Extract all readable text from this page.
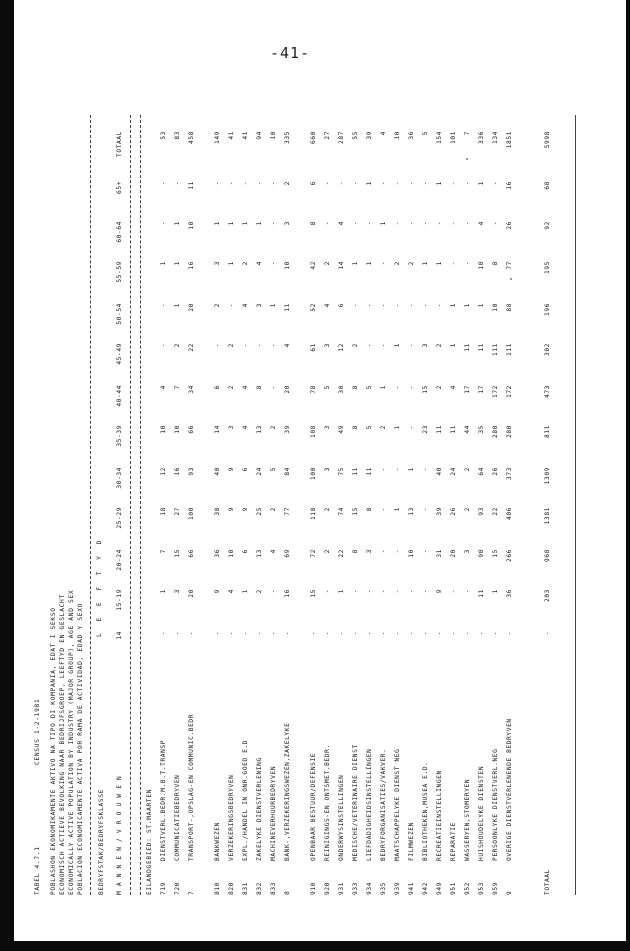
-41-
TABEL 4.7.1
CENSUS 1-2-1981 POBLASHON EKONOMIKAMENTE AKTIVO NA TIPO DI KOMPANIA, EDAT I SEKSO ECONOMISCH ACTIEVE BEVOLKING NAAR BEDRIJFSGROEP, LEEFTYD EN GESLACHT ECONOMICALLY ACTIVE POPULATION BY INDUSTRY (MAJOR GROUP), AGE AND SEX POBLACION ECONOMICAMENTE ACTIVA POR RAMA DE ACTIVIDAD, EDAD Y SEXO BEDRYFSTAK/BEDRYFSKLASSE
L E E F T Y D
M A N N E N / V R O U W E N
14
15-19
20-24
25-29
30-34
35-39
40-44
45-49
50-54
55-59
60-64
65+
TOTAAL
EILANDGEBIED: ST.MAARTEN 719
DIENSTVERL.BEDR.M.B.T.TRANSP
-
1
7
18
12
10
4
-
-
1
-
-
53
720
COMMUNICATIEBEDRYVEN
-
3
15
27
16
10
7
2
1
1
1
-
83
7
TRANSPORT-,OPSLAG-EN COMMUNIC.BEDR
-
20
66
100
93
66
34
22
20
16
10
11
458
810
BANKWEZEN
-
9
36
38
40
14
6
-
2
3
1
-
149
820
VERZEKERINGSBEDRYVEN
-
4
10
9
9
3
2
2
-
1
1
-
41
831
EXPL./HANDEL IN ONR.GOED E.D
-
1
6
9
6
4
4
-
4
2
1
-
41
832
ZAKELYKE DIENSTVERLENING
-
2
13
25
24
13
8
-
3
4
1
-
94
833
MACHINEVERHUURBEDRYVEN
-
-
4
2
5
2
-
-
1
-
-
-
10
8
BANK-,VERZEKERINGSWEZEN,ZAKELYKE
-
16
69
77
84
39
20
4
11
10
3
2
335
910
OPENBAAR BESTUUR/DEFENSIE
-
15
72
118
100
108
78
61
52
42
8
6
660
920
REINIGINGS-EN ONTSMET.BEDR.
-
-
2
2
3
3
5
3
4
2
-
-
27
931
ONDERWYSINSTELLINGEN
-
1
22
74
75
49
30
12
6
14
4
-
287
933
MEDISCHE/VETERINAIRE DIENST
-
-
8
15
11
8
8
2
-
1
-
-
55
934
LIEFDADIGHEIDSINSTELLINGEN
-
-
3
8
11
5
5
-
-
1
-
1
39
935
BEDRYFORGANISATIES/VAKVER.
-
-
-
-
-
2
1
-
-
-
1
-
4
939
MAATSCHAPPELYKE DIENST NEG
-
-
-
1
-
1
-
1
-
2
-
-
10
941
FILMWEZEN
-
-
10
13
1
-
-
-
-
2
-
-
36
942
BIBLIOTHEKEN,MUSEA E.D.
-
-
-
-
-
23
15
3
-
1
-
-
5
949
RECREATIEINSTELLINGEN
-
9
31
39
40
11
2
2
-
1
-
1
154
951
REPARATIE
-
-
20
26
24
11
4
1
1
-
-
-
101
952
WASSERYEN,STOMERYEN
-
-
3
2
2
44
17
11
1
-
-
-
7
953
HUISHOUDELYKE DIENSTEN
-
11
90
93
64
35
17
11
1
10
4
1
336
959
PERSOONLYKE DIENSTVERL.NEG
-
1
15
22
26
280
172
111
10
8
-
-
134
9
OVERIGE DIENSTVERLENENDE BEDRYVEN
-
36
266
406
373
280
172
111
88
77
26
16
1851
TOTAAL
-
203
968
1381
1309
811
473
302
196
195
92
68
5998
